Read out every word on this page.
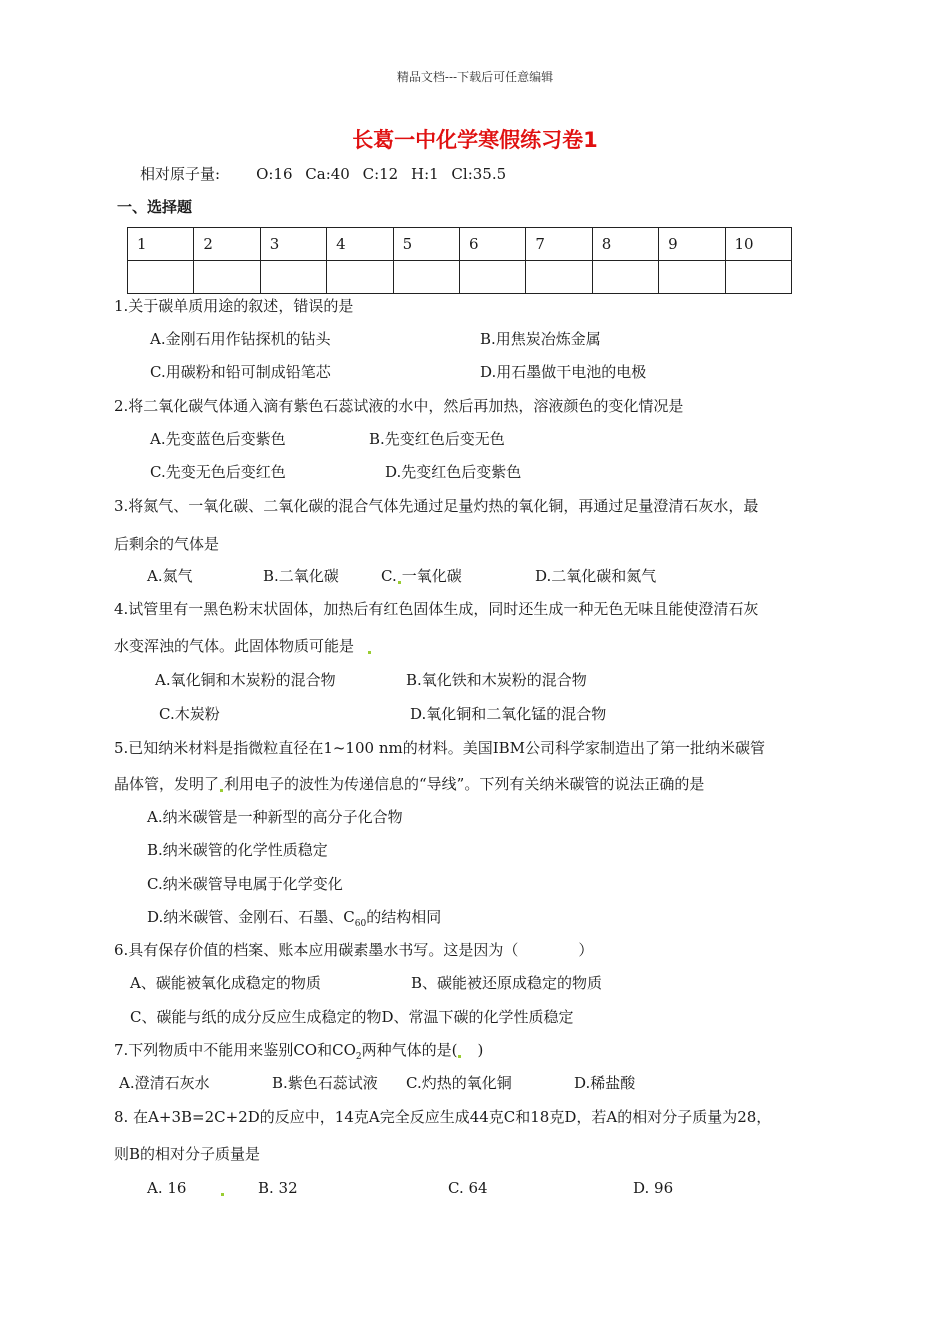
精品文档---下载后可任意编辑
长葛一中化学寒假练习卷1
相对原子量: O:16 Ca:40 C:12 H:1 Cl:35.5
一、选择题
1	2	3	4	5	6	7	8	9	10

1.关于碳单质用途的叙述，错误的是
A.金刚石用作钻探机的钻头	B.用焦炭冶炼金属
C.用碳粉和铅可制成铅笔芯	D.用石墨做干电池的电极
2.将二氧化碳气体通入滴有紫色石蕊试液的水中，然后再加热，溶液颜色的变化情况是
A.先变蓝色后变紫色	B.先变红色后变无色
C.先变无色后变红色	D.先变红色后变紫色
3.将氮气、一氧化碳、二氧化碳的混合气体先通过足量灼热的氧化铜，再通过足量澄清石灰水，最
后剩余的气体是
A.氮气	B.二氧化碳	C. 一氧化碳	D.二氧化碳和氮气
4.试管里有一黑色粉末状固体，加热后有红色固体生成，同时还生成一种无色无味且能使澄清石灰
水变浑浊的气体。此固体物质可能是
A.氧化铜和木炭粉的混合物	B.氧化铁和木炭粉的混合物
C.木炭粉	D.氧化铜和二氧化锰的混合物
5.已知纳米材料是指微粒直径在1~100 nm的材料。美国IBM公司科学家制造出了第一批纳米碳管
晶体管，发明了 利用电子的波性为传递信息的“导线”。下列有关纳米碳管的说法正确的是
A.纳米碳管是一种新型的高分子化合物
B.纳米碳管的化学性质稳定
C.纳米碳管导电属于化学变化
D.纳米碳管、金刚石、石墨、$C_{60}$的结构相同
6.具有保存价值的档案、账本应用碳素墨水书写。这是因为（　　　　）
A、碳能被氧化成稳定的物质	B、碳能被还原成稳定的物质
C、碳能与纸的成分反应生成稳定的物D、常温下碳的化学性质稳定
7.下列物质中不能用来鉴别CO和$CO_2$两种气体的是(　)
A.澄清石灰水	B.紫色石蕊试液 C.灼热的氧化铜	D.稀盐酸
8. 在A+3B=2C+2D的反应中，14克A完全反应生成44克C和18克D，若A的相对分子质量为28，
则B的相对分子质量是
A. 16	B. 32	C. 64	D. 96
